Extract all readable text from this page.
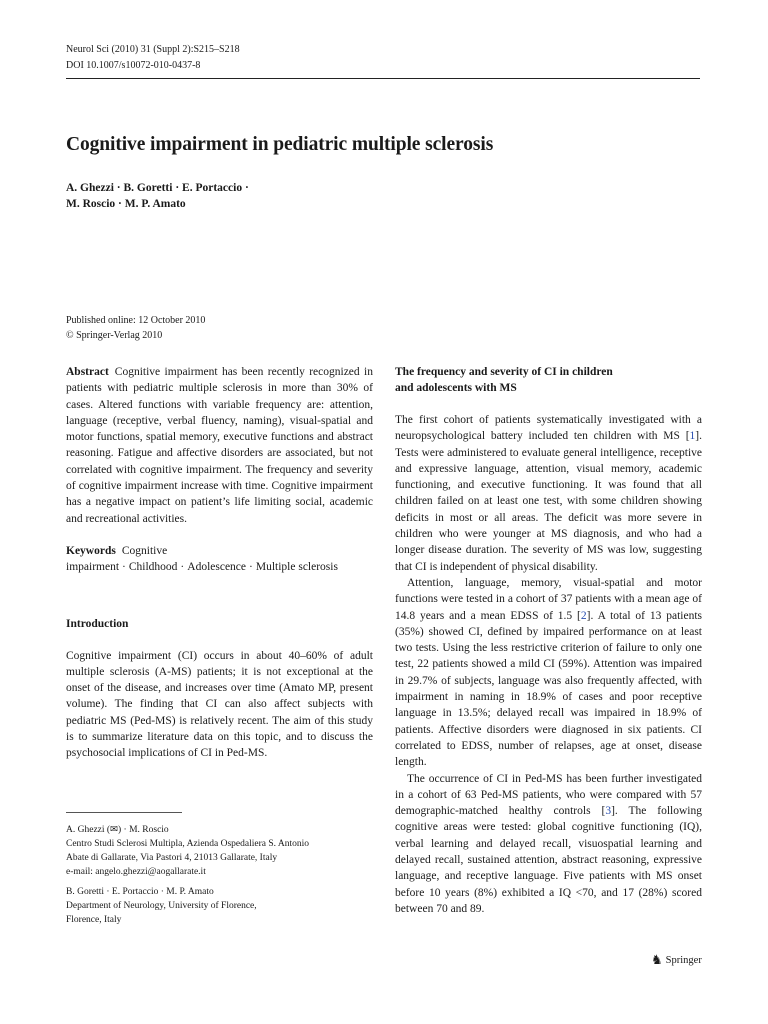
Neurol Sci (2010) 31 (Suppl 2):S215–S218
DOI 10.1007/s10072-010-0437-8
Cognitive impairment in pediatric multiple sclerosis
A. Ghezzi · B. Goretti · E. Portaccio ·
M. Roscio · M. P. Amato
Published online: 12 October 2010
© Springer-Verlag 2010

Abstract Cognitive impairment has been recently recognized in patients with pediatric multiple sclerosis in more than 30% of cases. Altered functions with variable frequency are: attention, language (receptive, verbal fluency, naming), visual-spatial and motor functions, spatial memory, executive functions and abstract reasoning. Fatigue and affective disorders are associated, but not correlated with cognitive impairment. The frequency and severity of cognitive impairment increase with time. Cognitive impairment has a negative impact on patient’s life limiting social, academic and recreational activities.

Keywords Cognitive impairment · Childhood · Adolescence · Multiple sclerosis

Introduction

Cognitive impairment (CI) occurs in about 40–60% of adult multiple sclerosis (A-MS) patients; it is not exceptional at the onset of the disease, and increases over time (Amato MP, present volume). The finding that CI can also affect subjects with pediatric MS (Ped-MS) is relatively recent. The aim of this study is to summarize literature data on this topic, and to discuss the psychosocial implications of CI in Ped-MS.

The frequency and severity of CI in children
and adolescents with MS

The first cohort of patients systematically investigated with a neuropsychological battery included ten children with MS [1]. Tests were administered to evaluate general intelligence, receptive and expressive language, attention, visual memory, academic functioning, and executive functioning. It was found that all children failed on at least one test, with some children showing deficits in most or all areas. The deficit was more severe in children who were younger at MS diagnosis, and who had a longer disease duration. The severity of MS was low, suggesting that CI is independent of physical disability.

Attention, language, memory, visual-spatial and motor functions were tested in a cohort of 37 patients with a mean age of 14.8 years and a mean EDSS of 1.5 [2]. A total of 13 patients (35%) showed CI, defined by impaired performance on at least two tests. Using the less restrictive criterion of failure to only one test, 22 patients showed a mild CI (59%). Attention was impaired in 29.7% of subjects, language was also frequently affected, with impairment in naming in 18.9% of cases and poor receptive language in 13.5%; delayed recall was impaired in 18.9% of patients. Affective disorders were diagnosed in six patients. CI correlated to EDSS, number of relapses, age at onset, disease length.

The occurrence of CI in Ped-MS has been further investigated in a cohort of 63 Ped-MS patients, who were compared with 57 demographic-matched healthy controls [3]. The following cognitive areas were tested: global cognitive functioning (IQ), verbal learning and delayed recall, visuospatial learning and delayed recall, sustained attention, abstract reasoning, expressive language, and receptive language. Five patients with MS onset before 10 years (8%) exhibited a IQ <70, and 17 (28%) scored between 70 and 89.

A. Ghezzi (✉) · M. Roscio
Centro Studi Sclerosi Multipla, Azienda Ospedaliera S. Antonio
Abate di Gallarate, Via Pastori 4, 21013 Gallarate, Italy
e-mail: angelo.ghezzi@aogallarate.it
B. Goretti · E. Portaccio · M. P. Amato
Department of Neurology, University of Florence,
Florence, Italy
♞ Springer
